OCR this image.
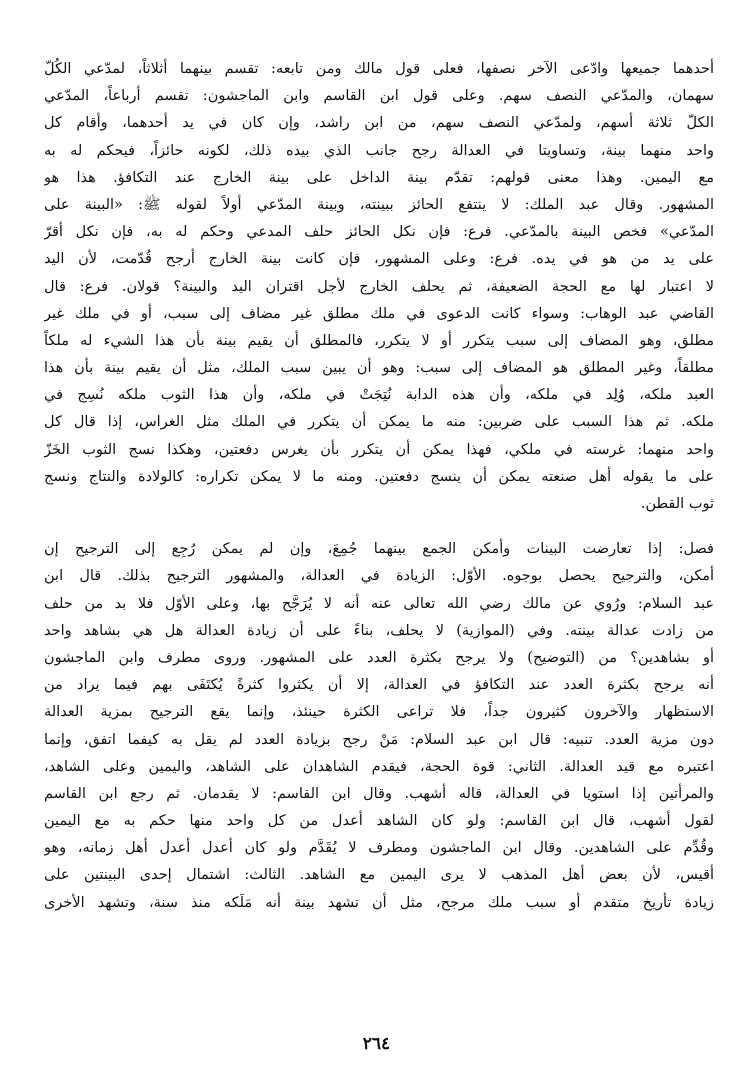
أحدهما جميعها وادّعى الآخر نصفها، فعلى قول مالك ومن تابعه: تقسم بينهما أثلاثاً، لمدّعي الكُلّ
سهمان، والمدّعي النصف سهم. وعلى قول ابن القاسم وابن الماجشون: تقسم أرباعاً، المدّعي
الكلّ ثلاثة أسهم، ولمدّعي النصف سهم، من ابن راشد، وإن كان في يد أحدهما، وأقام كل
واحد منهما بينة، وتساويتا في العدالة رجح جانب الذي بيده ذلك، لكونه حائزاً، فيحكم له به
مع اليمين. وهذا معنى قولهم: تقدّم بينة الداخل على بينة الخارج عند التكافؤ. هذا هو
المشهور. وقال عبد الملك: لا ينتفع الحائز ببينته، وبينة المدّعي أولاً لقوله ﷺ: «البينة على
المدّعي» فخص البينة بالمدّعي. فرع: فإن نكل الحائز حلف المدعي وحكم له به، فإن نكل أقرّ
على يد من هو في يده. فرع: وعلى المشهور، فإن كانت بينة الخارج أرجح قُدّمت، لأن اليد
لا اعتبار لها مع الحجة الضعيفة، ثم يحلف الخارج لأجل اقتران اليد والبينة؟ قولان. فرع: قال
القاضي عبد الوهاب: وسواء كانت الدعوى في ملك مطلق غير مضاف إلى سبب، أو في ملك غير
مطلق، وهو المضاف إلى سبب يتكرر أو لا يتكرر، فالمطلق أن يقيم بينة بأن هذا الشيء له ملكاً
مطلقاً، وغير المطلق هو المضاف إلى سبب: وهو أن يبين سبب الملك، مثل أن يقيم بينة بأن هذا
العبد ملكه، وُلِد في ملكه، وأن هذه الدابة نُتِجَتْ في ملكه، وأن هذا الثوب ملكه نُسِج في
ملكه. ثم هذا السبب على ضربين: منه ما يمكن أن يتكرر في الملك مثل الغراس، إذا قال كل
واحد منهما: غرسته في ملكي، فهذا يمكن أن يتكرر بأن يغرس دفعتين، وهكذا نسج الثوب الخَزّ
على ما يقوله أهل صنعته يمكن أن ينسج دفعتين. ومنه ما لا يمكن تكراره: كالولادة والنتاج ونسج
ثوب القطن.
فصل: إذا تعارضت البينات وأمكن الجمع بينهما جُمِعَ، وإن لم يمكن رُجِع إلى الترجيح إن
أمكن، والترجيح يحصل بوجوه. الأوّل: الزيادة في العدالة، والمشهور الترجيح بذلك. قال ابن
عبد السلام: ورُوي عن مالك رضي الله تعالى عنه أنه لا يُرَجَّح بها، وعلى الأوّل فلا بد من حلف
من زادت عدالة بينته. وفي (الموازية) لا يحلف، بناءً على أن زيادة العدالة هل هي بشاهد واحد
أو بشاهدين؟ من (التوضيح) ولا يرجح بكثرة العدد على المشهور. وروى مطرف وابن الماجشون
أنه يرجح بكثرة العدد عند التكافؤ في العدالة، إلا أن يكثروا كثرةً يُكتَفَى بهم فيما يراد من
الاستظهار والآخرون كثيرون جداً، فلا تراعى الكثرة حينئذ، وإنما يقع الترجيح بمزية العدالة
دون مزية العدد. تنبيه: قال ابن عبد السلام: مَنْ رجح بزيادة العدد لم يقل به كيفما اتفق، وإنما
اعتبره مع قيد العدالة. الثاني: قوة الحجة، فيقدم الشاهدان على الشاهد، واليمين وعلى الشاهد،
والمرأتين إذا استويا في العدالة، قاله أشهب. وقال ابن القاسم: لا يقدمان. ثم رجع ابن القاسم
لقول أشهب، قال ابن القاسم: ولو كان الشاهد أعدل من كل واحد منها حكم به مع اليمين
وقُدِّم على الشاهدين. وقال ابن الماجشون ومطرف لا يُقَدَّم ولو كان أعدل أعدل أهل زمانه، وهو
أقيس، لأن بعض أهل المذهب لا يرى اليمين مع الشاهد. الثالث: اشتمال إحدى البينتين على
زيادة تأريخ متقدم أو سبب ملك مرجح، مثل أن تشهد بينة أنه مَلَكه منذ سنة، وتشهد الأخرى
٢٦٤
